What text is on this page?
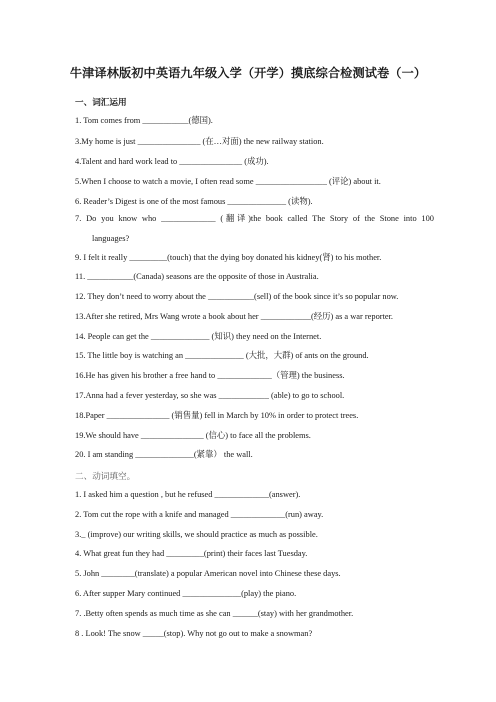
牛津译林版初中英语九年级入学（开学）摸底综合检测试卷（一）
一、词汇运用
1. Tom comes from ___________(德国).
3.My home is just _______________ (在…对面) the new railway station.
4.Talent and hard work lead to _______________ (成功).
5.When I choose to watch a movie, I often read some _________________ (评论) about it.
6. Reader’s Digest is one of the most famous ______________ (读物).
7. Do you know who _____________ (翻译)the book called The Story of the Stone into 100
languages?
9. I felt it really _________(touch) that the dying boy donated his kidney(肾) to his mother.
11. ___________(Canada) seasons are the opposite of those in Australia.
12. They don’t need to worry about the ___________(sell) of the book since it’s so popular now.
13.After she retired, Mrs Wang wrote a book about her ____________(经历) as a war reporter.
14. People can get the ______________ (知识) they need on the Internet.
15. The little boy is watching an ______________ (大批，大群) of ants on the ground.
16.He has given his brother a free hand to _____________（管理) the business.
17.Anna had a fever yesterday, so she was ____________ (able) to go to school.
18.Paper _______________ (销售量) fell in March by 10% in order to protect trees.
19.We should have _______________ (信心) to face all the problems.
20. I am standing ______________(紧靠） the wall.
二、动词填空。
1. I asked him a question , but he refused _____________(answer).
2. Tom cut the rope with a knife and managed _____________(run) away.
3._ (improve) our writing skills, we should practice as much as possible.
4. What great fun they had _________(print) their faces last Tuesday.
5. John ________(translate) a popular American novel into Chinese these days.
6. After supper Mary continued ______________(play) the piano.
7. .Betty often spends as much time as she can ______(stay) with her grandmother.
8 . Look! The snow _____(stop). Why not go out to make a snowman?
